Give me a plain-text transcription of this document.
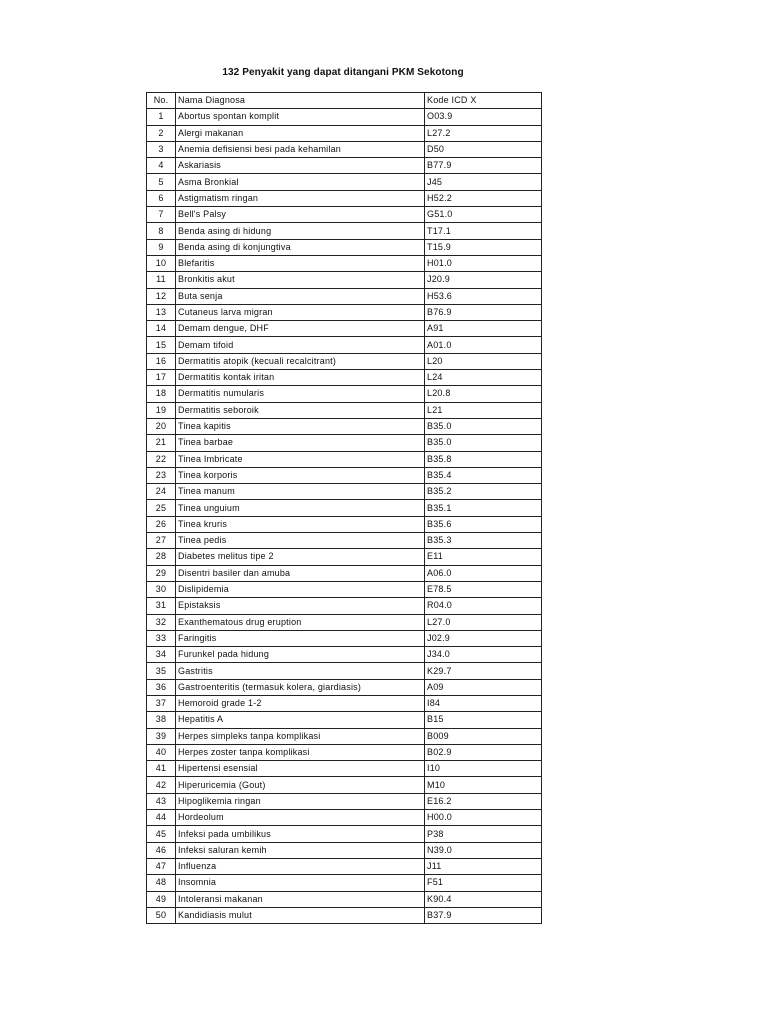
132 Penyakit yang dapat ditangani PKM Sekotong
No.	Nama Diagnosa	Kode ICD X
1	Abortus spontan komplit	O03.9
2	Alergi makanan	L27.2
3	Anemia defisiensi besi pada kehamilan	D50
4	Askariasis	B77.9
5	Asma Bronkial	J45
6	Astigmatism ringan	H52.2
7	Bell's Palsy	G51.0
8	Benda asing di hidung	T17.1
9	Benda asing di konjungtiva	T15.9
10	Blefaritis	H01.0
11	Bronkitis akut	J20.9
12	Buta senja	H53.6
13	Cutaneus larva migran	B76.9
14	Demam dengue, DHF	A91
15	Demam tifoid	A01.0
16	Dermatitis atopik (kecuali recalcitrant)	L20
17	Dermatitis kontak iritan	L24
18	Dermatitis numularis	L20.8
19	Dermatitis seboroik	L21
20	Tinea kapitis	B35.0
21	Tinea barbae	B35.0
22	Tinea Imbricate	B35.8
23	Tinea korporis	B35.4
24	Tinea manum	B35.2
25	Tinea unguium	B35.1
26	Tinea kruris	B35.6
27	Tinea pedis	B35.3
28	Diabetes melitus tipe 2	E11
29	Disentri basiler dan amuba	A06.0
30	Dislipidemia	E78.5
31	Epistaksis	R04.0
32	Exanthematous drug eruption	L27.0
33	Faringitis	J02.9
34	Furunkel pada hidung	J34.0
35	Gastritis	K29.7
36	Gastroenteritis (termasuk kolera, giardiasis)	A09
37	Hemoroid grade 1-2	I84
38	Hepatitis A	B15
39	Herpes simpleks tanpa komplikasi	B009
40	Herpes zoster tanpa komplikasi	B02.9
41	Hipertensi esensial	I10
42	Hiperuricemia (Gout)	M10
43	Hipoglikemia ringan	E16.2
44	Hordeolum	H00.0
45	Infeksi pada umbilikus	P38
46	Infeksi saluran kemih	N39.0
47	Influenza	J11
48	Insomnia	F51
49	Intoleransi makanan	K90.4
50	Kandidiasis mulut	B37.9
